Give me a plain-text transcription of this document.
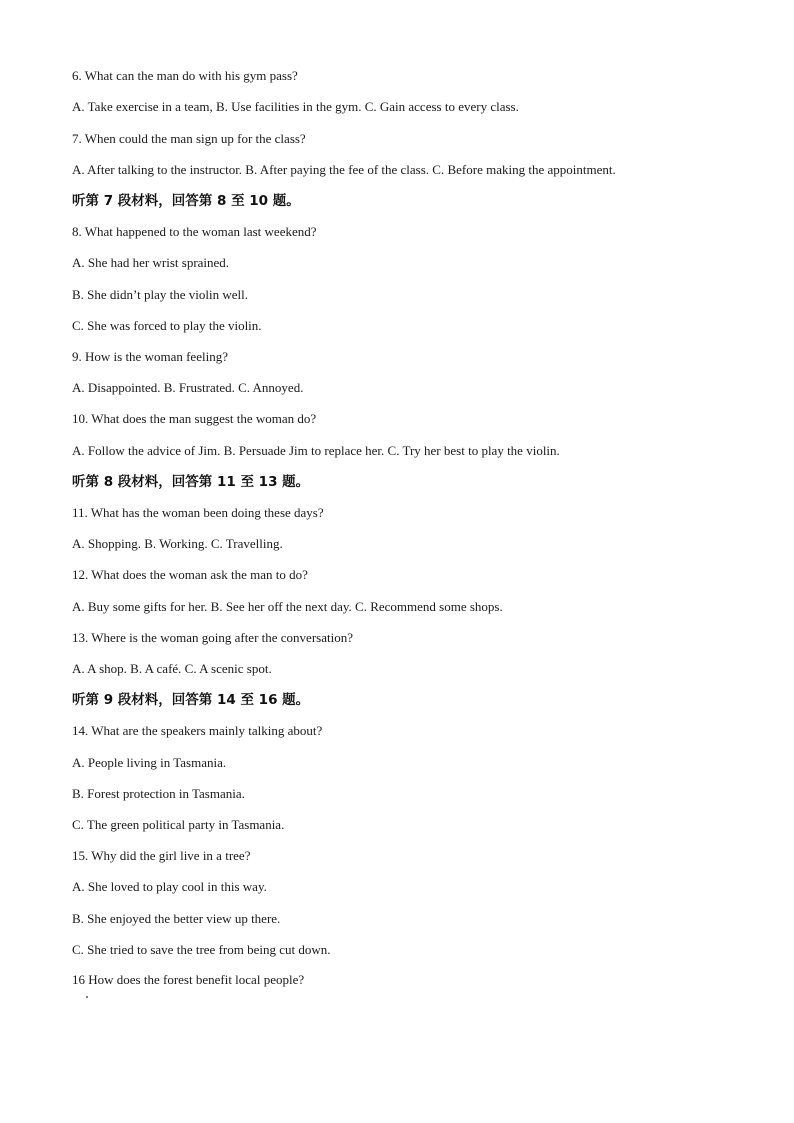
6. What can the man do with his gym pass?
A. Take exercise in a team, B. Use facilities in the gym. C. Gain access to every class.
7. When could the man sign up for the class?
A. After talking to the instructor. B. After paying the fee of the class. C. Before making the appointment.
听第 7 段材料，回答第 8 至 10 题。
8. What happened to the woman last weekend?
A. She had her wrist sprained.
B. She didn’t play the violin well.
C. She was forced to play the violin.
9. How is the woman feeling?
A. Disappointed. B. Frustrated. C. Annoyed.
10. What does the man suggest the woman do?
A. Follow the advice of Jim. B. Persuade Jim to replace her. C. Try her best to play the violin.
听第 8 段材料，回答第 11 至 13 题。
11. What has the woman been doing these days?
A. Shopping. B. Working. C. Travelling.
12. What does the woman ask the man to do?
A. Buy some gifts for her. B. See her off the next day. C. Recommend some shops.
13. Where is the woman going after the conversation?
A. A shop. B. A café. C. A scenic spot.
听第 9 段材料，回答第 14 至 16 题。
14. What are the speakers mainly talking about?
A. People living in Tasmania.
B. Forest protection in Tasmania.
C. The green political party in Tasmania.
15. Why did the girl live in a tree?
A. She loved to play cool in this way.
B. She enjoyed the better view up there.
C. She tried to save the tree from being cut down.
16 How does the forest benefit local people?
